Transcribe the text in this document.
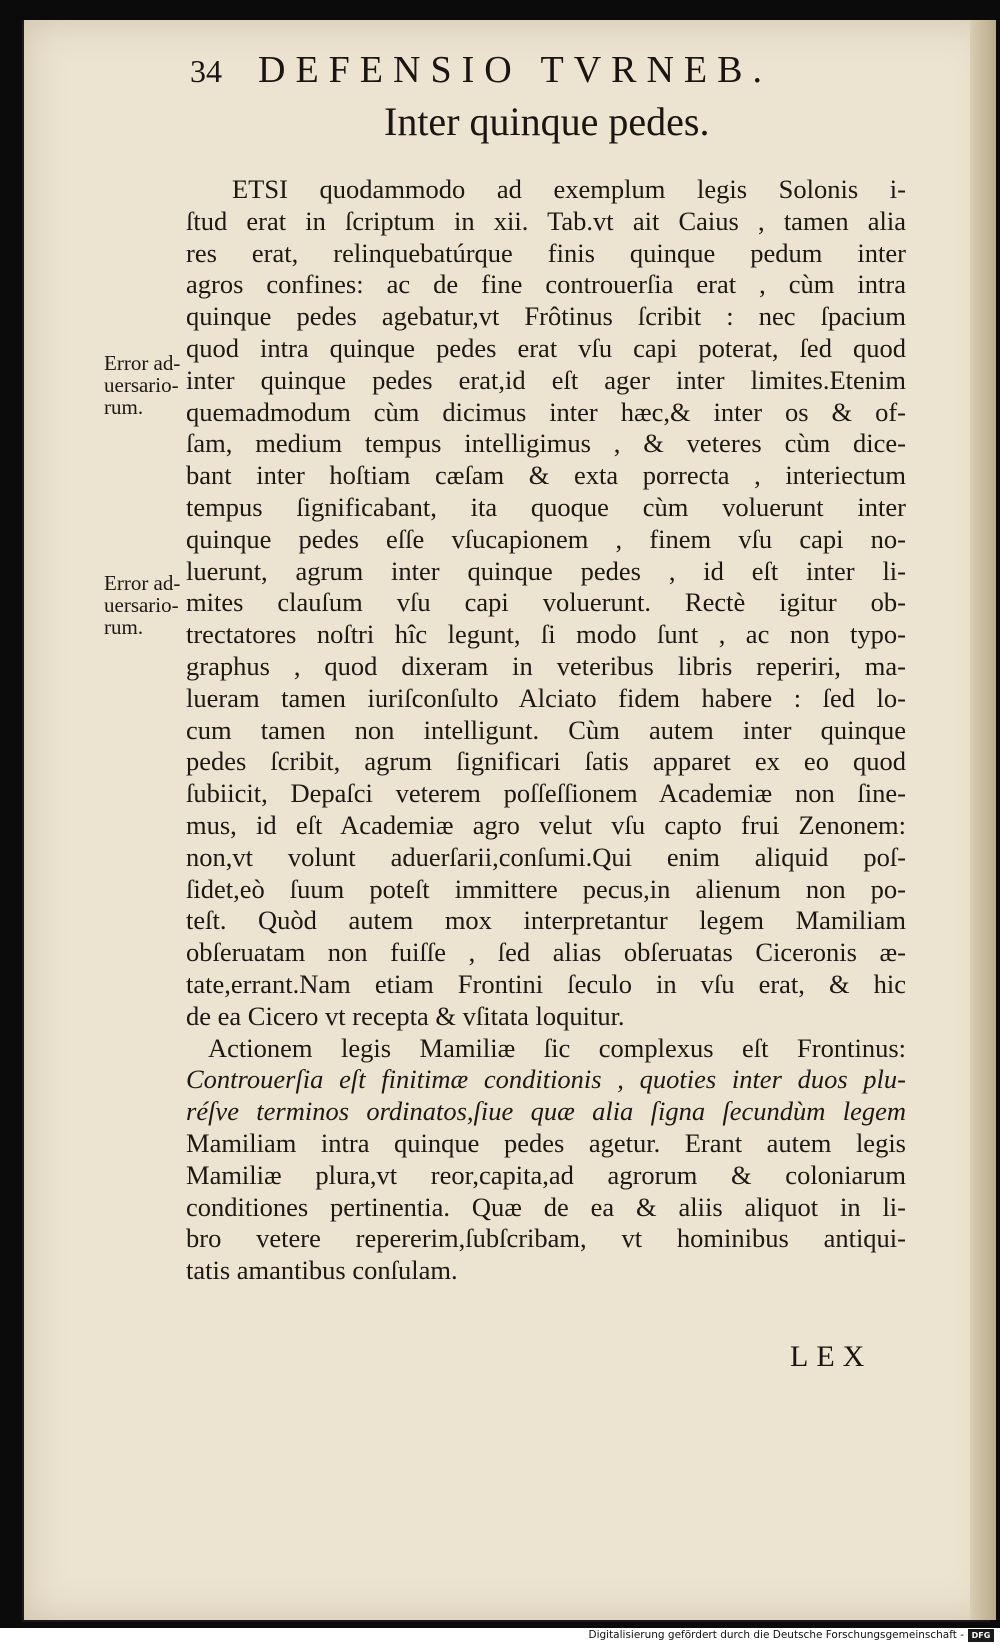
34 DEFENSIO TVRNEB.
Inter quinque pedes.
ETSI quodammodo ad exemplum legis Solonis i-
ſtud erat in ſcriptum in xii. Tab.vt ait Caius , tamen alia
res erat, relinquebatúrque finis quinque pedum inter
agros confines: ac de fine controuerſia erat , cùm intra
quinque pedes agebatur,vt Frôtinus ſcribit : nec ſpacium
quod intra quinque pedes erat vſu capi poterat, ſed quod
inter quinque pedes erat,id eſt ager inter limites.Etenim
quemadmodum cùm dicimus inter hæc,& inter os & of-
ſam, medium tempus intelligimus , & veteres cùm dice-
bant inter hoſtiam cæſam & exta porrecta , interiectum
tempus ſignificabant, ita quoque cùm voluerunt inter
quinque pedes eſſe vſucapionem , finem vſu capi no-
luerunt, agrum inter quinque pedes , id eſt inter li-
mites clauſum vſu capi voluerunt. Rectè igitur ob-
trectatores noſtri hîc legunt, ſi modo ſunt , ac non typo-
graphus , quod dixeram in veteribus libris reperiri, ma-
lueram tamen iuriſconſulto Alciato fidem habere : ſed lo-
cum tamen non intelligunt. Cùm autem inter quinque
pedes ſcribit, agrum ſignificari ſatis apparet ex eo quod
ſubiicit, Depaſci veterem poſſeſſionem Academiæ non ſine-
mus, id eſt Academiæ agro velut vſu capto frui Zenonem:
non,vt volunt aduerſarii,conſumi.Qui enim aliquid poſ-
ſidet,eò ſuum poteſt immittere pecus,in alienum non po-
teſt. Quòd autem mox interpretantur legem Mamiliam
obſeruatam non fuiſſe , ſed alias obſeruatas Ciceronis æ-
tate,errant.Nam etiam Frontini ſeculo in vſu erat, & hic
de ea Cicero vt recepta & vſitata loquitur.
Actionem legis Mamiliæ ſic complexus eſt Frontinus:
Controuerſia eſt finitimæ conditionis , quoties inter duos plu-
réſve terminos ordinatos,ſiue quæ alia ſigna ſecundùm legem
Mamiliam intra quinque pedes agetur. Erant autem legis
Mamiliæ plura,vt reor,capita,ad agrorum & coloniarum
conditiones pertinentia. Quæ de ea & aliis aliquot in li-
bro vetere repererim,ſubſcribam, vt hominibus antiqui-
tatis amantibus conſulam.
Error ad-
uersario-
rum.
Error ad-
uersario-
rum.
LEX
Digitalisierung gefördert durch die Deutsche Forschungsgemeinschaft - DFG
